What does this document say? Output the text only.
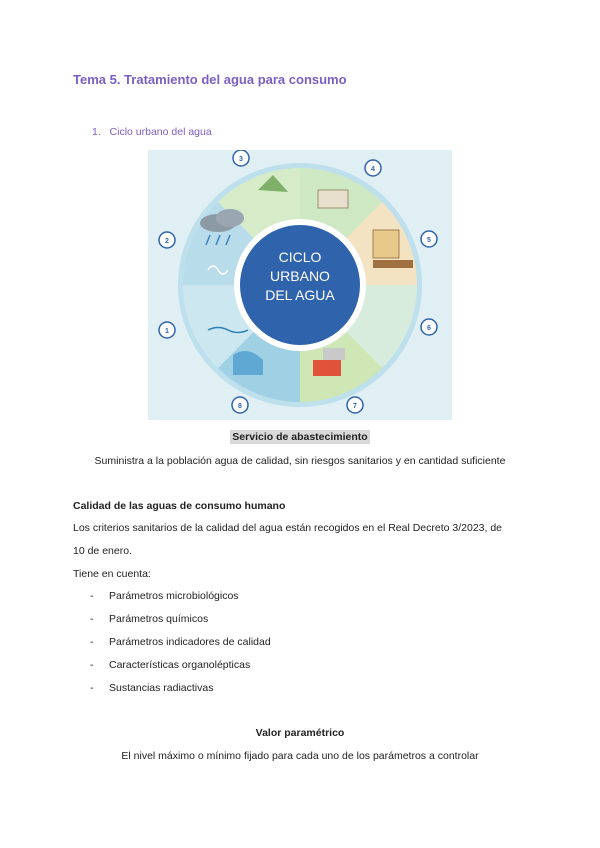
Tema 5. Tratamiento del agua para consumo
1. Ciclo urbano del agua
CICLO
URBANO
DEL AGUA
1
2
3
4
5
6
7
8
Servicio de abastecimiento
Suministra a la población agua de calidad, sin riesgos sanitarios y en cantidad suficiente
Calidad de las aguas de consumo humano
Los criterios sanitarios de la calidad del agua están recogidos en el Real Decreto 3/2023, de
10 de enero.
Tiene en cuenta:
- Parámetros microbiológicos
- Parámetros químicos
- Parámetros indicadores de calidad
- Características organolépticas
- Sustancias radiactivas
Valor paramétrico
El nivel máximo o mínimo fijado para cada uno de los parámetros a controlar
